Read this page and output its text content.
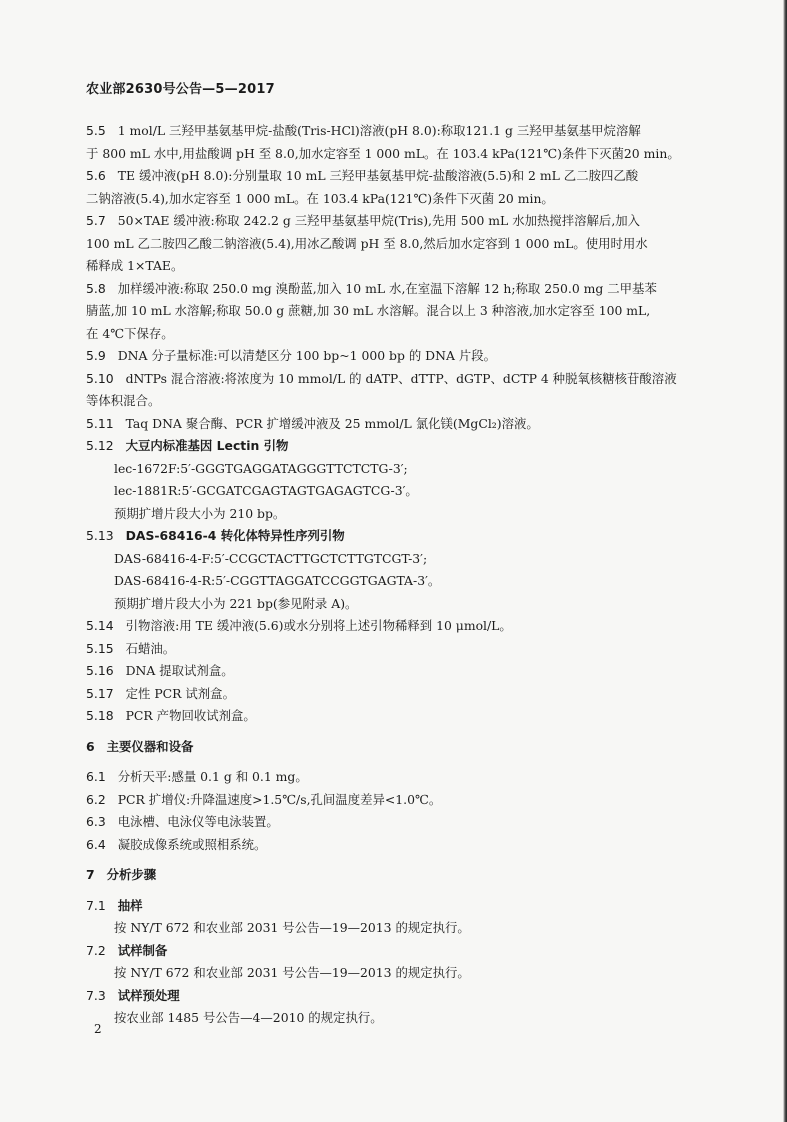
农业部2630号公告—5—2017
5.5 1 mol/L 三羟甲基氨基甲烷-盐酸(Tris-HCl)溶液(pH 8.0):称取121.1 g 三羟甲基氨基甲烷溶解
于 800 mL 水中,用盐酸调 pH 至 8.0,加水定容至 1 000 mL。在 103.4 kPa(121℃)条件下灭菌20 min。
5.6 TE 缓冲液(pH 8.0):分别量取 10 mL 三羟甲基氨基甲烷-盐酸溶液(5.5)和 2 mL 乙二胺四乙酸
二钠溶液(5.4),加水定容至 1 000 mL。在 103.4 kPa(121℃)条件下灭菌 20 min。
5.7 50×TAE 缓冲液:称取 242.2 g 三羟甲基氨基甲烷(Tris),先用 500 mL 水加热搅拌溶解后,加入
100 mL 乙二胺四乙酸二钠溶液(5.4),用冰乙酸调 pH 至 8.0,然后加水定容到 1 000 mL。使用时用水
稀释成 1×TAE。
5.8 加样缓冲液:称取 250.0 mg 溴酚蓝,加入 10 mL 水,在室温下溶解 12 h;称取 250.0 mg 二甲基苯
腈蓝,加 10 mL 水溶解;称取 50.0 g 蔗糖,加 30 mL 水溶解。混合以上 3 种溶液,加水定容至 100 mL,
在 4℃下保存。
5.9 DNA 分子量标准:可以清楚区分 100 bp~1 000 bp 的 DNA 片段。
5.10 dNTPs 混合溶液:将浓度为 10 mmol/L 的 dATP、dTTP、dGTP、dCTP 4 种脱氧核糖核苷酸溶液
等体积混合。
5.11 Taq DNA 聚合酶、PCR 扩增缓冲液及 25 mmol/L 氯化镁(MgCl₂)溶液。
5.12 大豆内标准基因 Lectin 引物
lec-1672F:5′-GGGTGAGGATAGGGTTCTCTG-3′;
lec-1881R:5′-GCGATCGAGTAGTGAGAGTCG-3′。
预期扩增片段大小为 210 bp。
5.13 DAS-68416-4 转化体特异性序列引物
DAS-68416-4-F:5′-CCGCTACTTGCTCTTGTCGT-3′;
DAS-68416-4-R:5′-CGGTTAGGATCCGGTGAGTA-3′。
预期扩增片段大小为 221 bp(参见附录 A)。
5.14 引物溶液:用 TE 缓冲液(5.6)或水分别将上述引物稀释到 10 μmol/L。
5.15 石蜡油。
5.16 DNA 提取试剂盒。
5.17 定性 PCR 试剂盒。
5.18 PCR 产物回收试剂盒。
6 主要仪器和设备
6.1 分析天平:感量 0.1 g 和 0.1 mg。
6.2 PCR 扩增仪:升降温速度>1.5℃/s,孔间温度差异<1.0℃。
6.3 电泳槽、电泳仪等电泳装置。
6.4 凝胶成像系统或照相系统。
7 分析步骤
7.1 抽样
按 NY/T 672 和农业部 2031 号公告—19—2013 的规定执行。
7.2 试样制备
按 NY/T 672 和农业部 2031 号公告—19—2013 的规定执行。
7.3 试样预处理
按农业部 1485 号公告—4—2010 的规定执行。
2
